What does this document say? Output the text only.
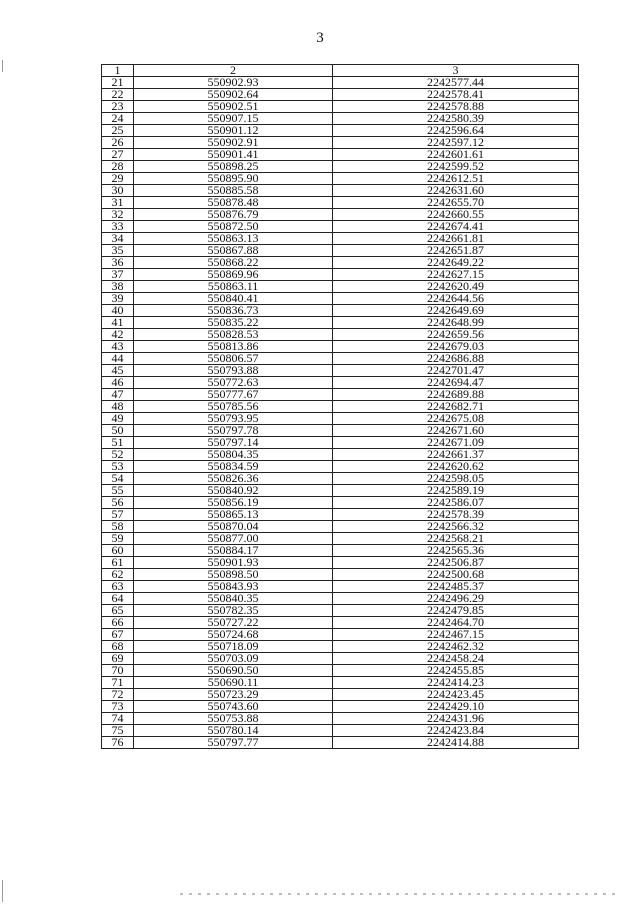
3
1	2	3
21	550902.93	2242577.44
22	550902.64	2242578.41
23	550902.51	2242578.88
24	550907.15	2242580.39
25	550901.12	2242596.64
26	550902.91	2242597.12
27	550901.41	2242601.61
28	550898.25	2242599.52
29	550895.90	2242612.51
30	550885.58	2242631.60
31	550878.48	2242655.70
32	550876.79	2242660.55
33	550872.50	2242674.41
34	550863.13	2242661.81
35	550867.88	2242651.87
36	550868.22	2242649.22
37	550869.96	2242627.15
38	550863.11	2242620.49
39	550840.41	2242644.56
40	550836.73	2242649.69
41	550835.22	2242648.99
42	550828.53	2242659.56
43	550813.86	2242679.03
44	550806.57	2242686.88
45	550793.88	2242701.47
46	550772.63	2242694.47
47	550777.67	2242689.88
48	550785.56	2242682.71
49	550793.95	2242675.08
50	550797.78	2242671.60
51	550797.14	2242671.09
52	550804.35	2242661.37
53	550834.59	2242620.62
54	550826.36	2242598.05
55	550840.92	2242589.19
56	550856.19	2242586.07
57	550865.13	2242578.39
58	550870.04	2242566.32
59	550877.00	2242568.21
60	550884.17	2242565.36
61	550901.93	2242506.87
62	550898.50	2242500.68
63	550843.93	2242485.37
64	550840.35	2242496.29
65	550782.35	2242479.85
66	550727.22	2242464.70
67	550724.68	2242467.15
68	550718.09	2242462.32
69	550703.09	2242458.24
70	550690.50	2242455.85
71	550690.11	2242414.23
72	550723.29	2242423.45
73	550743.60	2242429.10
74	550753.88	2242431.96
75	550780.14	2242423.84
76	550797.77	2242414.88
